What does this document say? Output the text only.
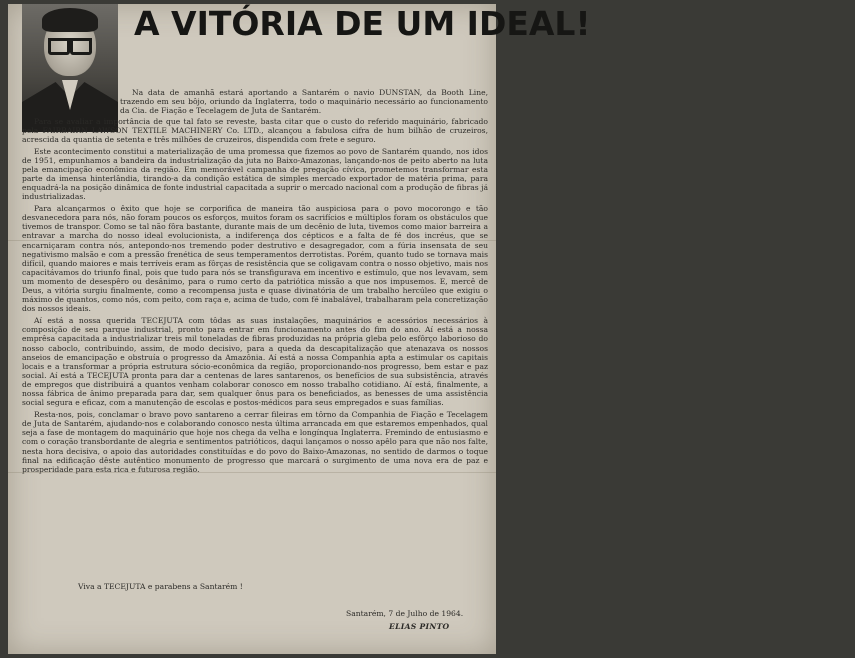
A VITÓRIA DE UM IDEAL!

Na data de amanhã estará aportando a Santarém o navio DUNSTAN, da Booth Line, trazendo em seu bôjo, oriundo da Inglaterra, todo o maquinário necessário ao funcionamento da Cia. de Fiação e Tecelagem de Juta de Santarém.

Para se avaliar a importância de que tal fato se reveste, basta citar que o custo do referido maquinário, fabricado pela FAIRBAIRN LAWSON TEXTILE MACHINERY Co. LTD., alcançou a fabulosa cifra de hum bilhão de cruzeiros, acrescida da quantia de setenta e três milhões de cruzeiros, dispendida com frete e seguro.

Este acontecimento constitui a materialização de uma promessa que fizemos ao povo de Santarém quando, nos idos de 1951, empunhamos a bandeira da industrialização da juta no Baixo-Amazonas, lançando-nos de peito aberto na luta pela emancipação econômica da região. Em memorável campanha de pregação cívica, prometemos transformar esta parte da imensa hinterlândia, tirando-a da condição estática de simples mercado exportador de matéria prima, para enquadrá-la na posição dinâmica de fonte industrial capacitada a suprir o mercado nacional com a produção de fibras já industrializadas.

Para alcançarmos o êxito que hoje se corporifica de maneira tão auspiciosa para o povo mocorongo e tão desvanecedora para nós, não foram poucos os esforços, muitos foram os sacrifícios e múltiplos foram os obstáculos que tivemos de transpor. Como se tal não fôra bastante, durante mais de um decênio de luta, tivemos como maior barreira a entravar a marcha do nosso ideal evolucionista, a indiferença dos cépticos e a falta de fé dos incréus, que se encarniçaram contra nós, antepondo-nos tremendo poder destrutivo e desagregador, com a fúria insensata de seu negativismo malsão e com a pressão frenética de seus temperamentos derrotistas. Porém, quanto tudo se tornava mais difícil, quando maiores e mais terríveis eram as fôrças de resistência que se coligavam contra o nosso objetivo, mais nos capacitávamos do triunfo final, pois que tudo para nós se transfigurava em incentivo e estímulo, que nos levavam, sem um momento de desespêro ou desânimo, para o rumo certo da patriótica missão a que nos impusemos. E, mercê de Deus, a vitória surgiu finalmente, como a recompensa justa e quase divinatória de um trabalho hercúleo que exigiu o máximo de quantos, como nós, com peito, com raça e, acima de tudo, com fé inabalável, trabalharam pela concretização dos nossos ideais.

Aí está a nossa querida TECEJUTA com tôdas as suas instalações, maquinários e acessórios necessários à composição de seu parque industrial, pronto para entrar em funcionamento antes do fim do ano. Aí está a nossa emprêsa capacitada a industrializar treis mil toneladas de fibras produzidas na própria gleba pelo esfôrço laborioso do nosso caboclo, contribuindo, assim, de modo decisivo, para a queda da descapitalização que atenazava os nossos anseios de emancipação e obstruía o progresso da Amazônia. Aí está a nossa Companhia apta a estimular os capitais locais e a transformar a própria estrutura sócio-econômica da região, proporcionando-nos progresso, bem estar e paz social. Aí está a TECEJUTA pronta para dar a centenas de lares santarenos, os benefícios de sua subsistência, através de empregos que distribuirá a quantos venham colaborar conosco em nosso trabalho cotidiano. Aí está, finalmente, a nossa fábrica de ânimo preparada para dar, sem qualquer ônus para os beneficiados, as benesses de uma assistência social segura e eficaz, com a manutenção de escolas e postos-médicos para seus empregados e suas famílias.

Resta-nos, pois, conclamar o bravo povo santareno a cerrar fileiras em tôrno da Companhia de Fiação e Tecelagem de Juta de Santarém, ajudando-nos e colaborando conosco nesta última arrancada em que estaremos empenhados, qual seja a fase de montagem do maquinário que hoje nos chega da velha e longínqua Inglaterra. Fremindo de entusiasmo e com o coração transbordante de alegria e sentimentos patrióticos, daqui lançamos o nosso apêlo para que não nos falte, nesta hora decisiva, o apoio das autoridades constituídas e do povo do Baixo-Amazonas, no sentido de darmos o toque final na edificação dêste autêntico monumento de progresso que marcará o surgimento de uma nova era de paz e prosperidade para esta rica e futurosa região.

Viva a TECEJUTA e parabens a Santarém !
Santarém, 7 de Julho de 1964.
ELIAS PINTO
